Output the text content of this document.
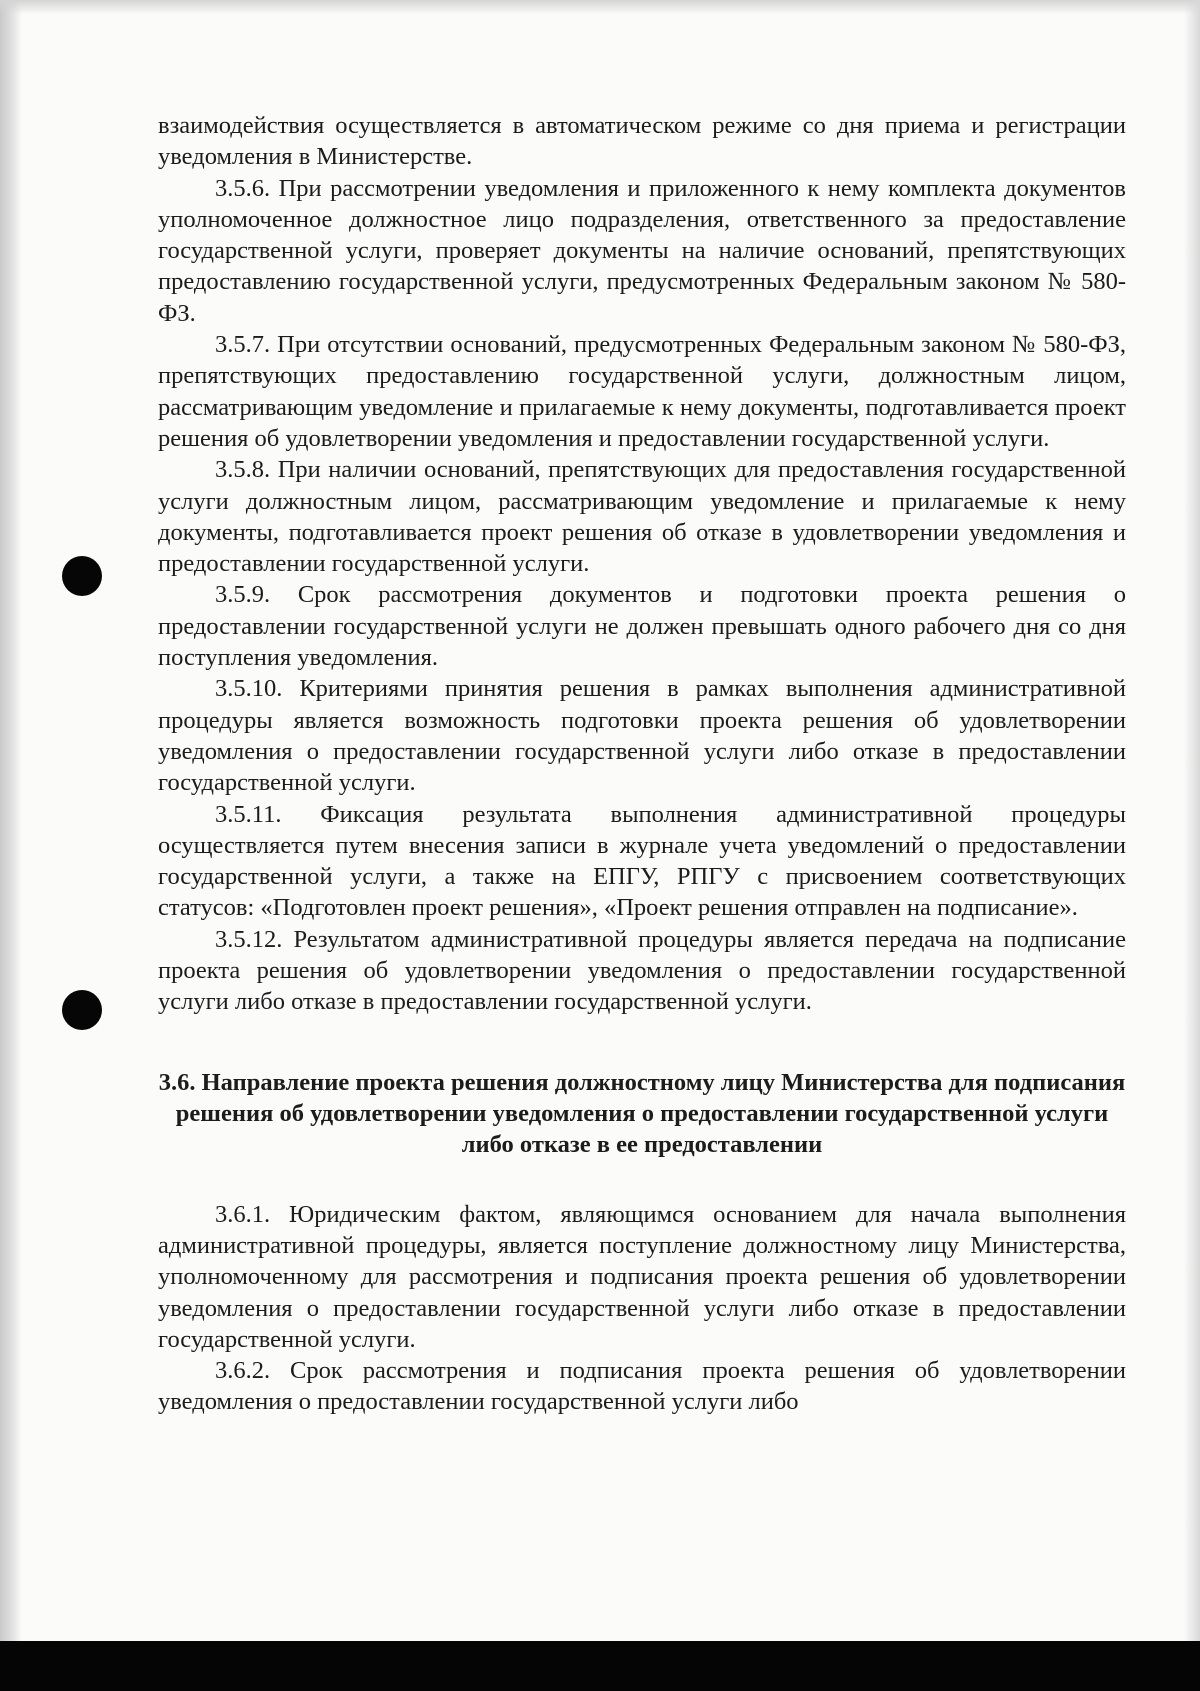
взаимодействия осуществляется в автоматическом режиме со дня приема и регистрации уведомления в Министерстве.

3.5.6. При рассмотрении уведомления и приложенного к нему комплекта документов уполномоченное должностное лицо подразделения, ответственного за предоставление государственной услуги, проверяет документы на наличие оснований, препятствующих предоставлению государственной услуги, предусмотренных Федеральным законом № 580-ФЗ.

3.5.7. При отсутствии оснований, предусмотренных Федеральным законом № 580-ФЗ, препятствующих предоставлению государственной услуги, должностным лицом, рассматривающим уведомление и прилагаемые к нему документы, подготавливается проект решения об удовлетворении уведомления и предоставлении государственной услуги.

3.5.8. При наличии оснований, препятствующих для предоставления государственной услуги должностным лицом, рассматривающим уведомление и прилагаемые к нему документы, подготавливается проект решения об отказе в удовлетворении уведомления и предоставлении государственной услуги.

3.5.9. Срок рассмотрения документов и подготовки проекта решения о предоставлении государственной услуги не должен превышать одного рабочего дня со дня поступления уведомления.

3.5.10. Критериями принятия решения в рамках выполнения административной процедуры является возможность подготовки проекта решения об удовлетворении уведомления о предоставлении государственной услуги либо отказе в предоставлении государственной услуги.

3.5.11. Фиксация результата выполнения административной процедуры осуществляется путем внесения записи в журнале учета уведомлений о предоставлении государственной услуги, а также на ЕПГУ, РПГУ с присвоением соответствующих статусов: «Подготовлен проект решения», «Проект решения отправлен на подписание».

3.5.12. Результатом административной процедуры является передача на подписание проекта решения об удовлетворении уведомления о предоставлении государственной услуги либо отказе в предоставлении государственной услуги.

3.6. Направление проекта решения должностному лицу Министерства для подписания решения об удовлетворении уведомления о предоставлении государственной услуги либо отказе в ее предоставлении

3.6.1. Юридическим фактом, являющимся основанием для начала выполнения административной процедуры, является поступление должностному лицу Министерства, уполномоченному для рассмотрения и подписания проекта решения об удовлетворении уведомления о предоставлении государственной услуги либо отказе в предоставлении государственной услуги.

3.6.2. Срок рассмотрения и подписания проекта решения об удовлетворении уведомления о предоставлении государственной услуги либо
